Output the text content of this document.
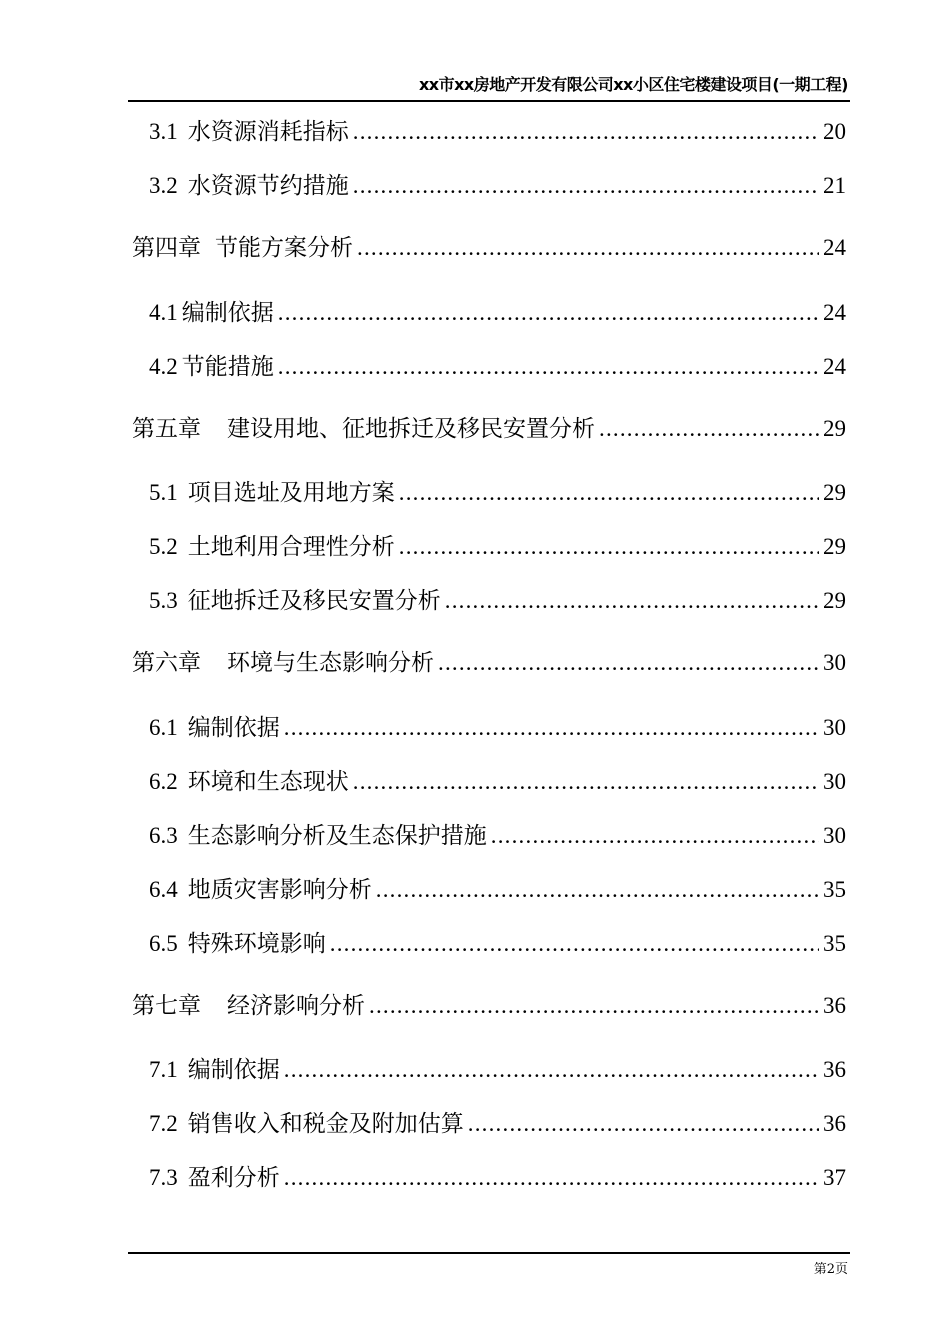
xx市xx房地产开发有限公司xx小区住宅楼建设项目(一期工程)
3.1 水资源消耗指标 .....	20
3.2 水资源节约措施 .....	21
第四章 节能方案分析 .....	24
4.1 编制依据 .....	24
4.2 节能措施 .....	24
第五章 建设用地、征地拆迁及移民安置分析 .....	29
5.1 项目选址及用地方案 .....	29
5.2 土地利用合理性分析 .....	29
5.3 征地拆迁及移民安置分析 .....	29
第六章 环境与生态影响分析 .....	30
6.1 编制依据 .....	30
6.2 环境和生态现状 .....	30
6.3 生态影响分析及生态保护措施 .....	30
6.4 地质灾害影响分析 .....	35
6.5 特殊环境影响 .....	35
第七章 经济影响分析 .....	36
7.1 编制依据 .....	36
7.2 销售收入和税金及附加估算 .....	36
7.3 盈利分析 .....	37
第2页
